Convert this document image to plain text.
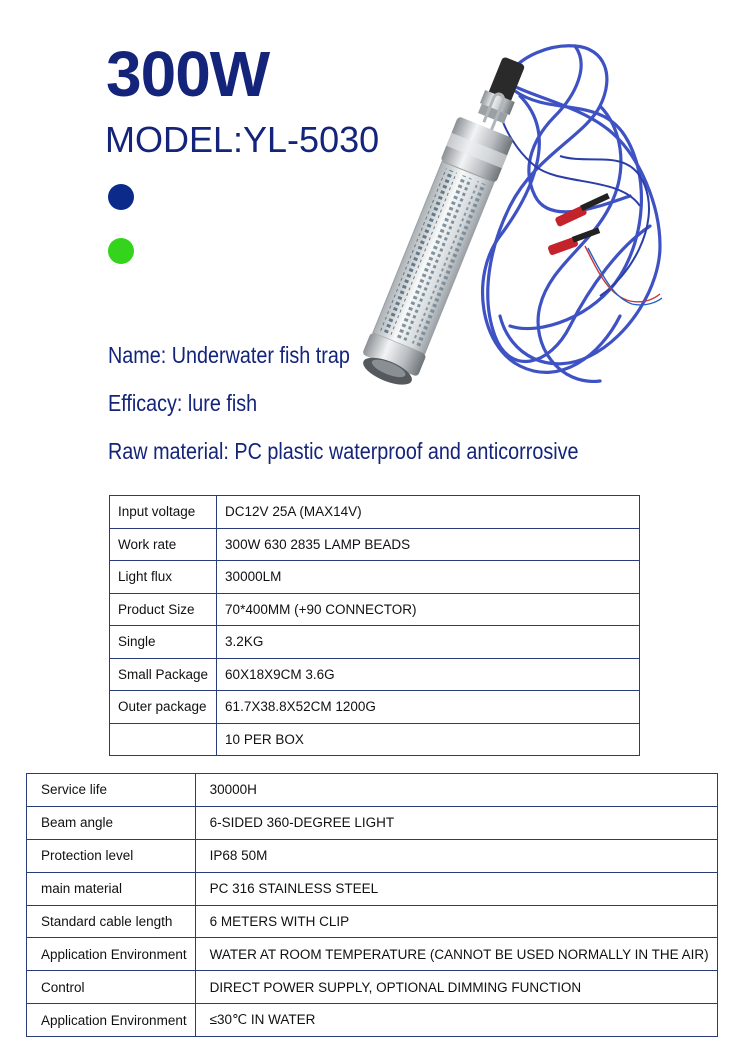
300W
MODEL:YL-5030
Name: Underwater fish trap
Efficacy: lure fish
Raw material: PC plastic waterproof and anticorrosive
Input voltage	DC12V 25A (MAX14V)
Work rate	300W 630 2835 LAMP BEADS
Light flux	30000LM
Product Size	70*400MM (+90 CONNECTOR)
Single	3.2KG
Small Package	60X18X9CM 3.6G
Outer package	61.7X38.8X52CM 1200G
	10 PER BOX
Service life	30000H
Beam angle	6-SIDED 360-DEGREE LIGHT
Protection level	IP68 50M
main material	PC 316 STAINLESS STEEL
Standard cable length	6 METERS WITH CLIP
Application Environment	WATER AT ROOM TEMPERATURE (CANNOT BE USED NORMALLY IN THE AIR)
Control	DIRECT POWER SUPPLY, OPTIONAL DIMMING FUNCTION
Application Environment	≤30℃ IN WATER
